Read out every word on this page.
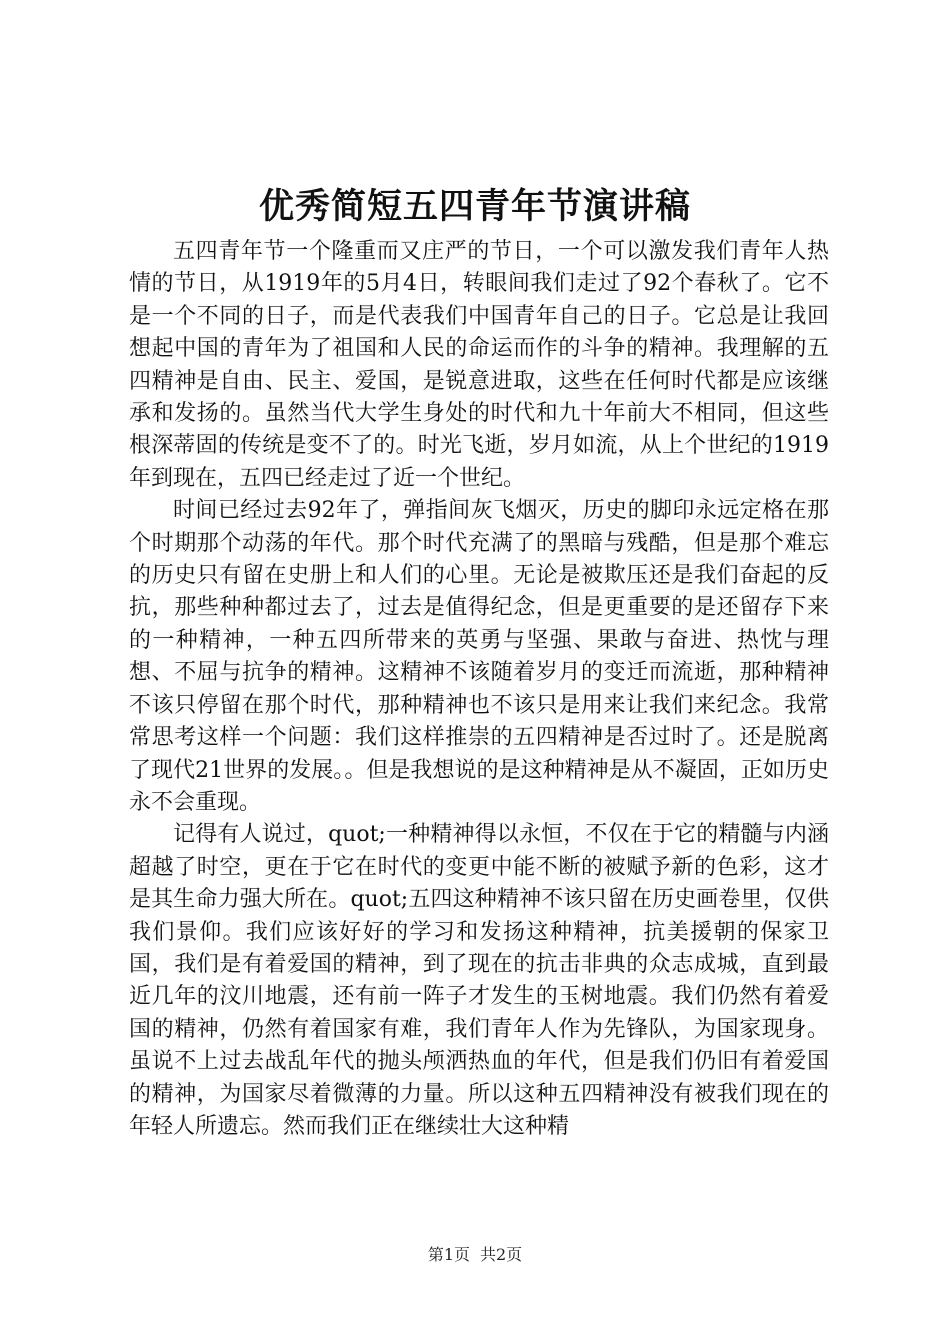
优秀简短五四青年节演讲稿

五四青年节一个隆重而又庄严的节日，一个可以激发我们青年人热情的节日，从1919年的5月4日，转眼间我们走过了92个春秋了。它不是一个不同的日子，而是代表我们中国青年自己的日子。它总是让我回想起中国的青年为了祖国和人民的命运而作的斗争的精神。我理解的五四精神是自由、民主、爱国，是锐意进取，这些在任何时代都是应该继承和发扬的。虽然当代大学生身处的时代和九十年前大不相同，但这些根深蒂固的传统是变不了的。时光飞逝，岁月如流，从上个世纪的1919年到现在，五四已经走过了近一个世纪。

时间已经过去92年了，弹指间灰飞烟灭，历史的脚印永远定格在那个时期那个动荡的年代。那个时代充满了的黑暗与残酷，但是那个难忘的历史只有留在史册上和人们的心里。无论是被欺压还是我们奋起的反抗，那些种种都过去了，过去是值得纪念，但是更重要的是还留存下来的一种精神，一种五四所带来的英勇与坚强、果敢与奋进、热忱与理想、不屈与抗争的精神。这精神不该随着岁月的变迁而流逝，那种精神不该只停留在那个时代，那种精神也不该只是用来让我们来纪念。我常常思考这样一个问题：我们这样推崇的五四精神是否过时了。还是脱离了现代21世界的发展。。但是我想说的是这种精神是从不凝固，正如历史永不会重现。

记得有人说过，quot;一种精神得以永恒，不仅在于它的精髓与内涵超越了时空，更在于它在时代的变更中能不断的被赋予新的色彩，这才是其生命力强大所在。quot;五四这种精神不该只留在历史画卷里，仅供我们景仰。我们应该好好的学习和发扬这种精神，抗美援朝的保家卫国，我们是有着爱国的精神，到了现在的抗击非典的众志成城，直到最近几年的汶川地震，还有前一阵子才发生的玉树地震。我们仍然有着爱国的精神，仍然有着国家有难，我们青年人作为先锋队，为国家现身。虽说不上过去战乱年代的抛头颅洒热血的年代，但是我们仍旧有着爱国的精神，为国家尽着微薄的力量。所以这种五四精神没有被我们现在的年轻人所遗忘。然而我们正在继续壮大这种精

第1页 共2页
